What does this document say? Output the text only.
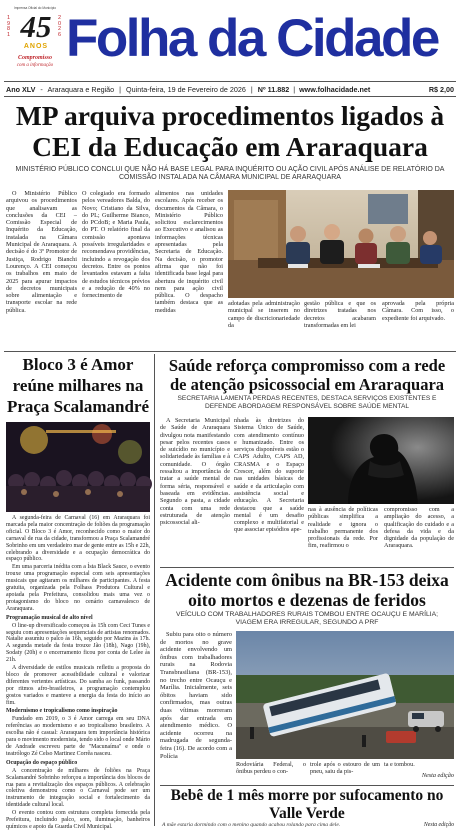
Imprensa Oficial do Município
1981
2026
45
ANOS
Compromisso
com a informação Folha da Cidade
Ano XLV - Araraquara e Região | Quinta-feira, 19 de Fevereiro de 2026 | Nº 11.882 | www.folhacidade.net	R$ 2,00
MP arquiva procedimentos ligados à CEI da Educação em Araraquara
MINISTÉRIO PÚBLICO CONCLUI QUE NÃO HÁ BASE LEGAL PARA INQUÉRITO OU AÇÃO CIVIL APÓS ANÁLISE DE RELATÓRIO DA COMISSÃO INSTALADA NA CÂMARA MUNICIPAL DE ARARAQUARA

O Ministério Público arquivou os procedimentos que analisavam as conclusões da CEI – Comissão Especial de Inquérito da Educação, instalada na Câmara Municipal de Araraquara. A decisão é do 3º Promotor de Justiça, Rodrigo Bianchi Lourenço. A CEI começou os trabalhos em maio de 2025 para apurar impactos de decretos municipais sobre alimentação e transporte escolar na rede pública.

O colegiado era formado pelos vereadores Balda, do Novo; Cristiano da Silva, do PL; Guilherme Bianco, do PCdoB; e Maria Paula, do PT. O relatório final da comissão apontava possíveis irregularidades e recomendava providências, incluindo a revogação dos decretos. Entre os pontos levantados estavam a falta de estudos técnicos prévios e a redução de 40% no fornecimento de

alimentos nas unidades escolares. Após receber os documentos da Câmara, o Ministério Público solicitou esclarecimentos ao Executivo e analisou as informações técnicas apresentadas pela Secretaria de Educação. Na decisão, o promotor afirma que não foi identificada base legal para abertura de inquérito civil nem para ação civil pública. O despacho também destaca que as medidas

adotadas pela administração municipal se inserem no campo de discricionariedade da

gestão pública e que os diretrizes tratadas nos decretos acabaram transformadas em lei

aprovada pela própria Câmara. Com isso, o expediente foi arquivado.

Bloco 3 é Amor reúne milhares na Praça Scalamandré

A segunda-feira de Carnaval (16) em Araraquara foi marcada pela maior concentração de foliões da programação oficial. O Bloco 3 é Amor, reconhecido como o maior do carnaval de rua da cidade, transformou a Praça Scalamandré Sobrinho em um verdadeiro mar de gente entre as 15h e 22h, celebrando a diversidade e a ocupação democrática do espaço público.

Em uma parceria inédita com a Ísta Black Sauce, o evento trouxe uma programação especial com seis apresentações musicais que agitaram os milhares de participantes. A festa gratuita, organizada pela Folhass Produtora Cultural e apoiada pela Prefeitura, consolidou mais uma vez o protagonismo do bloco no cenário carnavalesco de Araraquara.

Programação musical de alto nível

O line-up diversificado começou às 15h com Ceci Tunes e seguiu com apresentações sequenciais de artistas renomados. Natalie assumiu o palco às 16h, seguido por Mazins às 17h. A segunda metade da festa trouxe Jão (18h), Nago (19h), Sodaty (20h) e o encerramento ficou por conta de Lelee às 21h.

A diversidade de estilos musicais refletiu a proposta do bloco de promover acessibilidade cultural e valorizar diferentes vertentes artísticas. Do samba ao funk, passando por ritmos afro-brasileiros, a programação contemplou gostos variados e manteve a energia da festa do início ao fim.

Modernismo e tropicalismo como inspiração

Fundado em 2019, o 3 é Amor carrega em seu DNA referências ao modernismo e ao tropicalismo brasileiro. A escolha não é casual: Araraquara tem importância histórica para o movimento modernista, tendo sido o local onde Mário de Andrade escreveu parte de "Macunaíma" e onde o teatrólogo Zé Celso Martinez Corrêa nasceu.

Ocupação do espaço público

A concentração de milhares de foliões na Praça Scalamandré Sobrinho reforçou a importância dos blocos de rua para a revitalização dos espaços públicos. A celebração coletiva demonstrou como o Carnaval pode ser um instrumento de integração social e fortalecimento da identidade cultural local.

O evento contou com estrutura completa fornecida pela Prefeitura, incluindo palco, som, iluminação, banheiros químicos e apoio da Guarda Civil Municipal.

Saúde reforça compromisso com a rede de atenção psicossocial em Araraquara
SECRETARIA LAMENTA PERDAS RECENTES, DESTACA SERVIÇOS EXISTENTES E DEFENDE ABORDAGEM RESPONSÁVEL SOBRE SAÚDE MENTAL

A Secretaria Municipal de Saúde de Araraquara divulgou nota manifestando pesar pelos recentes casos de suicídio no município e solidariedade às famílias e à comunidade. O órgão ressaltou a importância de tratar a saúde mental de forma séria, responsável e baseada em evidências. Segundo a pasta, a cidade conta com uma rede estruturada de atenção psicossocial ali-

nhada às diretrizes do Sistema Único de Saúde, com atendimento contínuo e humanizado. Entre os serviços disponíveis estão o CAPS Adulto, CAPS AD, CRASMA e o Espaço Crescer, além do suporte nas unidades básicas de saúde e da articulação com assistência social e educação. A Secretaria destacou que a saúde mental é um desafio complexo e multifatorial e que associar episódios ape-

nas à ausência de políticas públicas simplifica a realidade e ignora o trabalho permanente dos profissionais da rede. Por fim, reafirmou o

compromisso com a ampliação do acesso, a qualificação do cuidado e a defesa da vida e da dignidade da população de Araraquara.

Acidente com ônibus na BR-153 deixa oito mortos e dezenas de feridos
VEÍCULO COM TRABALHADORES RURAIS TOMBOU ENTRE OCAUÇU E MARÍLIA; VIAGEM ERA IRREGULAR, SEGUNDO A PRF

Subiu para oito o número de mortos no grave acidente envolvendo um ônibus com trabalhadores rurais na Rodovia Transbrasiliana (BR-153), no trecho entre Ocauçu e Marília. Inicialmente, seis óbitos haviam sido confirmados, mas outras duas vítimas morreram após dar entrada em atendimento médico. O acidente ocorreu na madrugada de segunda-feira (16). De acordo com a Polícia

Rodoviária Federal, o ônibus perdeu o con-

trole após o estouro de um pneu, saiu da pis-

ta e tombou.

Nesta edição
Bebê de 1 mês morre por sufocamento no Valle Verde
A mãe estaria dormindo com o menino quando acabou rolando para cima dele.	Nesta edição
